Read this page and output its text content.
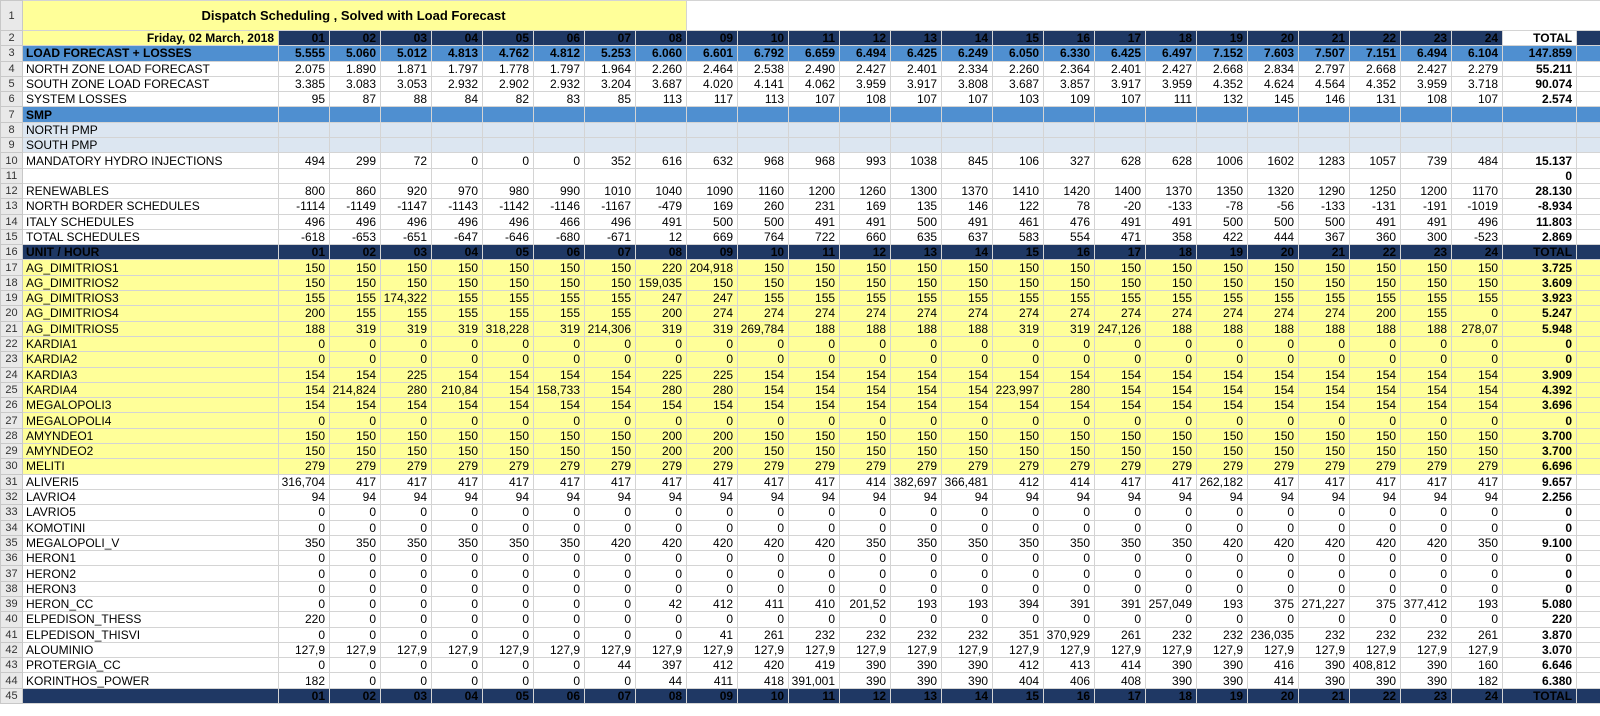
1	Dispatch Scheduling , Solved with Load Forecast																										
2	Friday, 02 March, 2018	01	02	03	04	05	06	07	08	09	10	11	12	13	14	15	16	17	18	19	20	21	22	23	24	TOTAL	
3	LOAD FORECAST + LOSSES	5.555	5.060	5.012	4.813	4.762	4.812	5.253	6.060	6.601	6.792	6.659	6.494	6.425	6.249	6.050	6.330	6.425	6.497	7.152	7.603	7.507	7.151	6.494	6.104	147.859	
4	NORTH ZONE LOAD FORECAST	2.075	1.890	1.871	1.797	1.778	1.797	1.964	2.260	2.464	2.538	2.490	2.427	2.401	2.334	2.260	2.364	2.401	2.427	2.668	2.834	2.797	2.668	2.427	2.279	55.211	
5	SOUTH ZONE LOAD FORECAST	3.385	3.083	3.053	2.932	2.902	2.932	3.204	3.687	4.020	4.141	4.062	3.959	3.917	3.808	3.687	3.857	3.917	3.959	4.352	4.624	4.564	4.352	3.959	3.718	90.074	
6	SYSTEM LOSSES	95	87	88	84	82	83	85	113	117	113	107	108	107	107	103	109	107	111	132	145	146	131	108	107	2.574	
7	SMP																										
8	NORTH PMP																										
9	SOUTH PMP																										
10	MANDATORY HYDRO INJECTIONS	494	299	72	0	0	0	352	616	632	968	968	993	1038	845	106	327	628	628	1006	1602	1283	1057	739	484	15.137	
11																										0	
12	RENEWABLES	800	860	920	970	980	990	1010	1040	1090	1160	1200	1260	1300	1370	1410	1420	1400	1370	1350	1320	1290	1250	1200	1170	28.130	
13	NORTH BORDER SCHEDULES	-1114	-1149	-1147	-1143	-1142	-1146	-1167	-479	169	260	231	169	135	146	122	78	-20	-133	-78	-56	-133	-131	-191	-1019	-8.934	
14	ITALY SCHEDULES	496	496	496	496	496	466	496	491	500	500	491	491	500	491	461	476	491	491	500	500	500	491	491	496	11.803	
15	TOTAL SCHEDULES	-618	-653	-651	-647	-646	-680	-671	12	669	764	722	660	635	637	583	554	471	358	422	444	367	360	300	-523	2.869	
16	UNIT / HOUR	01	02	03	04	05	06	07	08	09	10	11	12	13	14	15	16	17	18	19	20	21	22	23	24	TOTAL	
17	AG_DIMITRIOS1	150	150	150	150	150	150	150	220	204,918	150	150	150	150	150	150	150	150	150	150	150	150	150	150	150	3.725	
18	AG_DIMITRIOS2	150	150	150	150	150	150	150	159,035	150	150	150	150	150	150	150	150	150	150	150	150	150	150	150	150	3.609	
19	AG_DIMITRIOS3	155	155	174,322	155	155	155	155	247	247	155	155	155	155	155	155	155	155	155	155	155	155	155	155	155	3.923	
20	AG_DIMITRIOS4	200	155	155	155	155	155	155	200	274	274	274	274	274	274	274	274	274	274	274	274	274	200	155	0	5.247	
21	AG_DIMITRIOS5	188	319	319	319	318,228	319	214,306	319	319	269,784	188	188	188	188	319	319	247,126	188	188	188	188	188	188	278,07	5.948	
22	KARDIA1	0	0	0	0	0	0	0	0	0	0	0	0	0	0	0	0	0	0	0	0	0	0	0	0	0	
23	KARDIA2	0	0	0	0	0	0	0	0	0	0	0	0	0	0	0	0	0	0	0	0	0	0	0	0	0	
24	KARDIA3	154	154	225	154	154	154	154	225	225	154	154	154	154	154	154	154	154	154	154	154	154	154	154	154	3.909	
25	KARDIA4	154	214,824	280	210,84	154	158,733	154	280	280	154	154	154	154	154	223,997	280	154	154	154	154	154	154	154	154	4.392	
26	MEGALOPOLI3	154	154	154	154	154	154	154	154	154	154	154	154	154	154	154	154	154	154	154	154	154	154	154	154	3.696	
27	MEGALOPOLI4	0	0	0	0	0	0	0	0	0	0	0	0	0	0	0	0	0	0	0	0	0	0	0	0	0	
28	AMYNDEO1	150	150	150	150	150	150	150	200	200	150	150	150	150	150	150	150	150	150	150	150	150	150	150	150	3.700	
29	AMYNDEO2	150	150	150	150	150	150	150	200	200	150	150	150	150	150	150	150	150	150	150	150	150	150	150	150	3.700	
30	MELITI	279	279	279	279	279	279	279	279	279	279	279	279	279	279	279	279	279	279	279	279	279	279	279	279	6.696	
31	ALIVERI5	316,704	417	417	417	417	417	417	417	417	417	417	414	382,697	366,481	412	414	417	417	262,182	417	417	417	417	417	9.657	
32	LAVRIO4	94	94	94	94	94	94	94	94	94	94	94	94	94	94	94	94	94	94	94	94	94	94	94	94	2.256	
33	LAVRIO5	0	0	0	0	0	0	0	0	0	0	0	0	0	0	0	0	0	0	0	0	0	0	0	0	0	
34	KOMOTINI	0	0	0	0	0	0	0	0	0	0	0	0	0	0	0	0	0	0	0	0	0	0	0	0	0	
35	MEGALOPOLI_V	350	350	350	350	350	350	420	420	420	420	420	350	350	350	350	350	350	350	420	420	420	420	420	350	9.100	
36	HERON1	0	0	0	0	0	0	0	0	0	0	0	0	0	0	0	0	0	0	0	0	0	0	0	0	0	
37	HERON2	0	0	0	0	0	0	0	0	0	0	0	0	0	0	0	0	0	0	0	0	0	0	0	0	0	
38	HERON3	0	0	0	0	0	0	0	0	0	0	0	0	0	0	0	0	0	0	0	0	0	0	0	0	0	
39	HERON_CC	0	0	0	0	0	0	0	42	412	411	410	201,52	193	193	394	391	391	257,049	193	375	271,227	375	377,412	193	5.080	
40	ELPEDISON_THESS	220	0	0	0	0	0	0	0	0	0	0	0	0	0	0	0	0	0	0	0	0	0	0	0	220	
41	ELPEDISON_THISVI	0	0	0	0	0	0	0	0	41	261	232	232	232	232	351	370,929	261	232	232	236,035	232	232	232	261	3.870	
42	ALOUMINIO	127,9	127,9	127,9	127,9	127,9	127,9	127,9	127,9	127,9	127,9	127,9	127,9	127,9	127,9	127,9	127,9	127,9	127,9	127,9	127,9	127,9	127,9	127,9	127,9	3.070	
43	PROTERGIA_CC	0	0	0	0	0	0	44	397	412	420	419	390	390	390	412	413	414	390	390	416	390	408,812	390	160	6.646	
44	KORINTHOS_POWER	182	0	0	0	0	0	0	44	411	418	391,001	390	390	390	404	406	408	390	390	414	390	390	390	182	6.380	
45		01	02	03	04	05	06	07	08	09	10	11	12	13	14	15	16	17	18	19	20	21	22	23	24	TOTAL	
